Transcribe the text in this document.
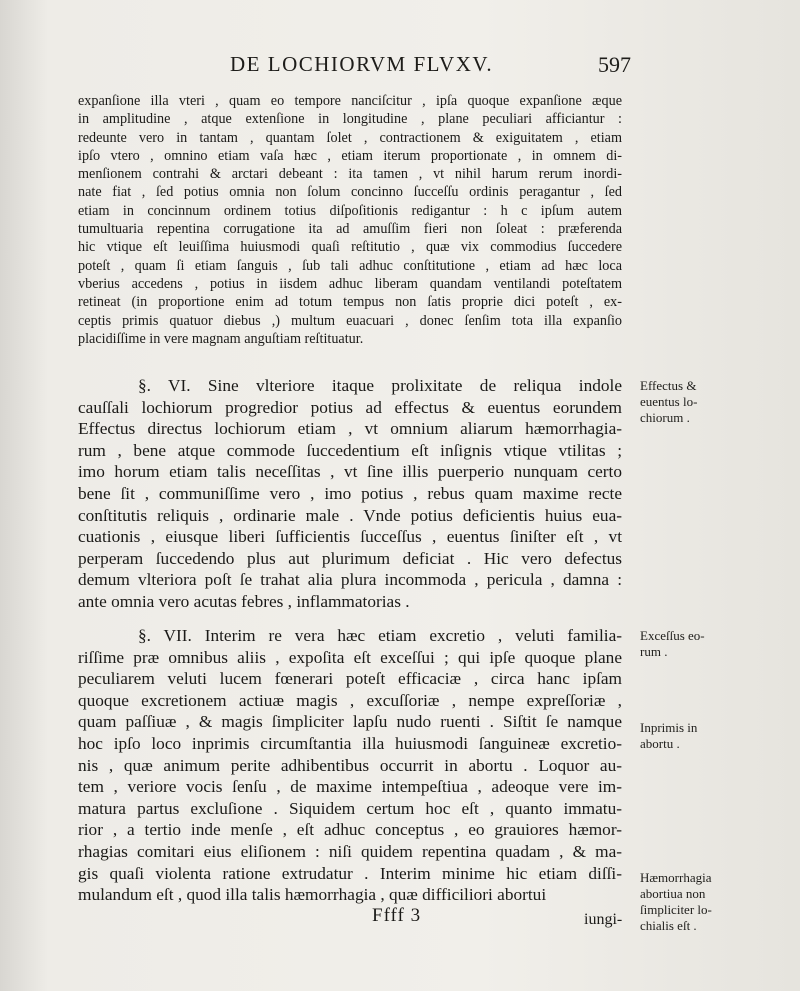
DE LOCHIORVM FLVXV.	597
expanſione illa vteri , quam eo tempore nanciſcitur , ipſa quoque expanſione æque
in amplitudine , atque extenſione in longitudine , plane peculiari afficiantur :
redeunte vero in tantam , quantam ſolet , contractionem & exiguitatem , etiam
ipſo vtero , omnino etiam vaſa hæc , etiam iterum proportionate , in omnem di-
menſionem contrahi & arctari debeant : ita tamen , vt nihil harum rerum inordi-
nate fiat , ſed potius omnia non ſolum concinno ſucceſſu ordinis peragantur , ſed
etiam in concinnum ordinem totius diſpoſitionis redigantur : h c ipſum autem
tumultuaria repentina corrugatione ita ad amuſſim fieri non ſoleat : præferenda
hic vtique eſt leuiſſima huiusmodi quaſi reſtitutio , quæ vix commodius ſuccedere
poteſt , quam ſi etiam ſanguis , ſub tali adhuc conſtitutione , etiam ad hæc loca
vberius accedens , potius in iisdem adhuc liberam quandam ventilandi poteſtatem
retineat (in proportione enim ad totum tempus non ſatis proprie dici poteſt , ex-
ceptis primis quatuor diebus ,) multum euacuari , donec ſenſim tota illa expanſio
placidiſſime in vere magnam anguſtiam reſtituatur.
§. VI. Sine vlteriore itaque prolixitate de reliqua indole
cauſſali lochiorum progredior potius ad effectus & euentus eorundem
Effectus directus lochiorum etiam , vt omnium aliarum hæmorrhagia-
rum , bene atque commode ſuccedentium eſt inſignis vtique vtilitas ;
imo horum etiam talis neceſſitas , vt ſine illis puerperio nunquam certo
bene ſit , communiſſime vero , imo potius , rebus quam maxime recte
conſtitutis reliquis , ordinarie male . Vnde potius deficientis huius eua-
cuationis , eiusque liberi ſufficientis ſucceſſus , euentus ſiniſter eſt , vt
perperam ſuccedendo plus aut plurimum deficiat . Hic vero defectus
demum vlteriora poſt ſe trahat alia plura incommoda , pericula , damna :
ante omnia vero acutas febres , inflammatorias .
§. VII. Interim re vera hæc etiam excretio , veluti familia-
riſſime præ omnibus aliis , expoſita eſt exceſſui ; qui ipſe quoque plane
peculiarem veluti lucem fœnerari poteſt efficaciæ , circa hanc ipſam
quoque excretionem actiuæ magis , excuſſoriæ , nempe expreſſoriæ ,
quam paſſiuæ , & magis ſimpliciter lapſu nudo ruenti . Siſtit ſe namque
hoc ipſo loco inprimis circumſtantia illa huiusmodi ſanguineæ excretio-
nis , quæ animum perite adhibentibus occurrit in abortu . Loquor au-
tem , veriore vocis ſenſu , de maxime intempeſtiua , adeoque vere im-
matura partus excluſione . Siquidem certum hoc eſt , quanto immatu-
rior , a tertio inde menſe , eſt adhuc conceptus , eo grauiores hæmor-
rhagias comitari eius eliſionem : niſi quidem repentina quadam , & ma-
gis quaſi violenta ratione extrudatur . Interim minime hic etiam diſſi-
mulandum eſt , quod illa talis hæmorrhagia , quæ difficiliori abortui
Effectus &
euentus lo-
chiorum .
Exceſſus eo-
rum .
Inprimis in
abortu .
Hæmorrhagia
abortiua non
ſimpliciter lo-
chialis eſt .
Ffff 3	iungi-
